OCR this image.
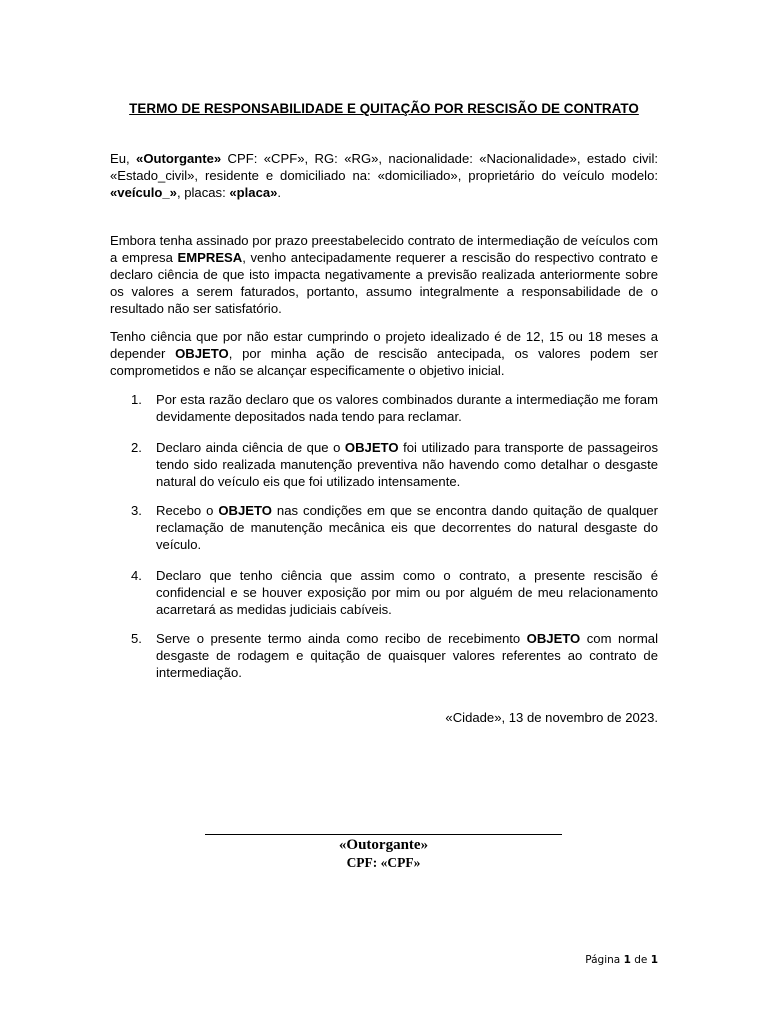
TERMO DE RESPONSABILIDADE E QUITAÇÃO POR RESCISÃO DE CONTRATO
Eu, «Outorgante» CPF: «CPF», RG: «RG», nacionalidade: «Nacionalidade», estado civil: «Estado_civil», residente e domiciliado na: «domiciliado», proprietário do veículo modelo: «veículo_», placas: «placa».
Embora tenha assinado por prazo preestabelecido contrato de intermediação de veículos com a empresa EMPRESA, venho antecipadamente requerer a rescisão do respectivo contrato e declaro ciência de que isto impacta negativamente a previsão realizada anteriormente sobre os valores a serem faturados, portanto, assumo integralmente a responsabilidade de o resultado não ser satisfatório.
Tenho ciência que por não estar cumprindo o projeto idealizado é de 12, 15 ou 18 meses a depender OBJETO, por minha ação de rescisão antecipada, os valores podem ser comprometidos e não se alcançar especificamente o objetivo inicial.
1.	Por esta razão declaro que os valores combinados durante a intermediação me foram devidamente depositados nada tendo para reclamar.
2.	Declaro ainda ciência de que o OBJETO foi utilizado para transporte de passageiros tendo sido realizada manutenção preventiva não havendo como detalhar o desgaste natural do veículo eis que foi utilizado intensamente.
3.	Recebo o OBJETO nas condições em que se encontra dando quitação de qualquer reclamação de manutenção mecânica eis que decorrentes do natural desgaste do veículo.
4.	Declaro que tenho ciência que assim como o contrato, a presente rescisão é confidencial e se houver exposição por mim ou por alguém de meu relacionamento acarretará as medidas judiciais cabíveis.
5.	Serve o presente termo ainda como recibo de recebimento OBJETO com normal desgaste de rodagem e quitação de quaisquer valores referentes ao contrato de intermediação.
«Cidade», 13 de novembro de 2023.
«Outorgante»
CPF: «CPF»
Página 1 de 1
